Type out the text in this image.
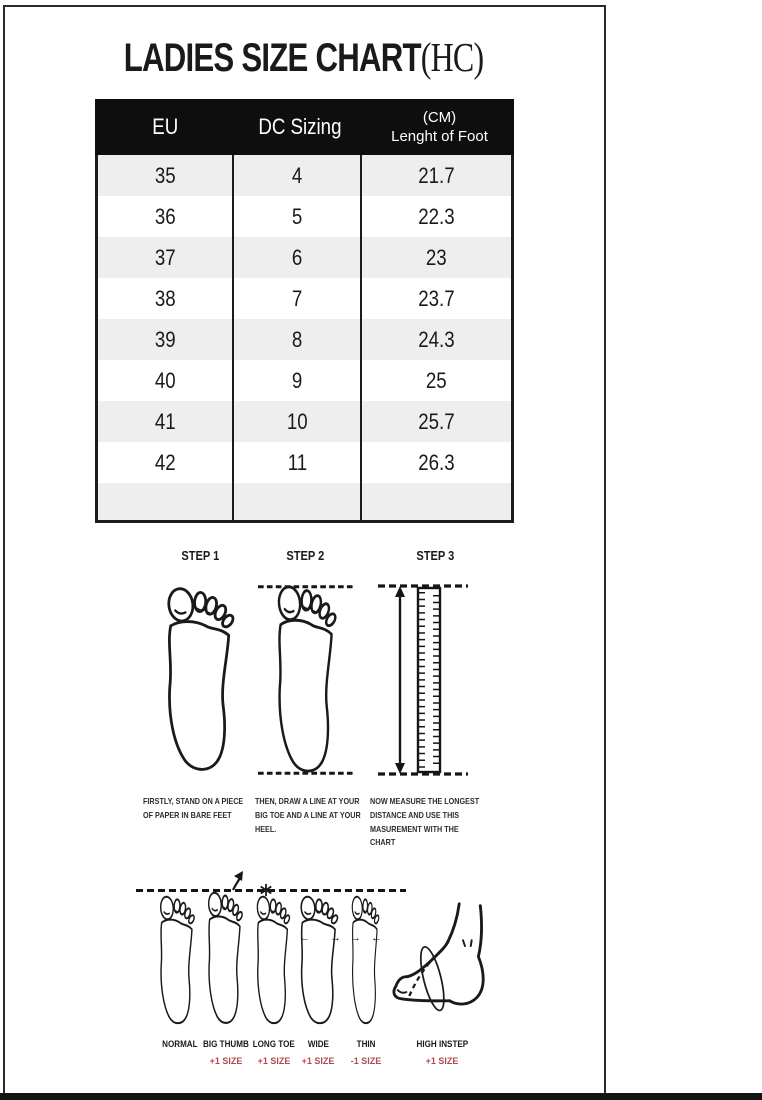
LADIES SIZE CHART(HC)
EU	DC Sizing	(CM)
Lenght of Foot
35	4	21.7
36	5	22.3
37	6	23
38	7	23.7
39	8	24.3
40	9	25
41	10	25.7
42	11	26.3
STEP 1	STEP 2	STEP 3
FIRSTLY, STAND ON A PIECE OF PAPER IN BARE FEET
THEN, DRAW A LINE AT YOUR BIG TOE AND A LINE AT YOUR HEEL.
NOW MEASURE THE LONGEST DISTANCE AND USE THIS MASUREMENT WITH THE CHART
← → → ←
NORMAL BIG THUMB LONG TOE	WIDE	THIN	HIGH INSTEP
+1 SIZE	+1 SIZE	+1 SIZE	-1 SIZE	+1 SIZE
